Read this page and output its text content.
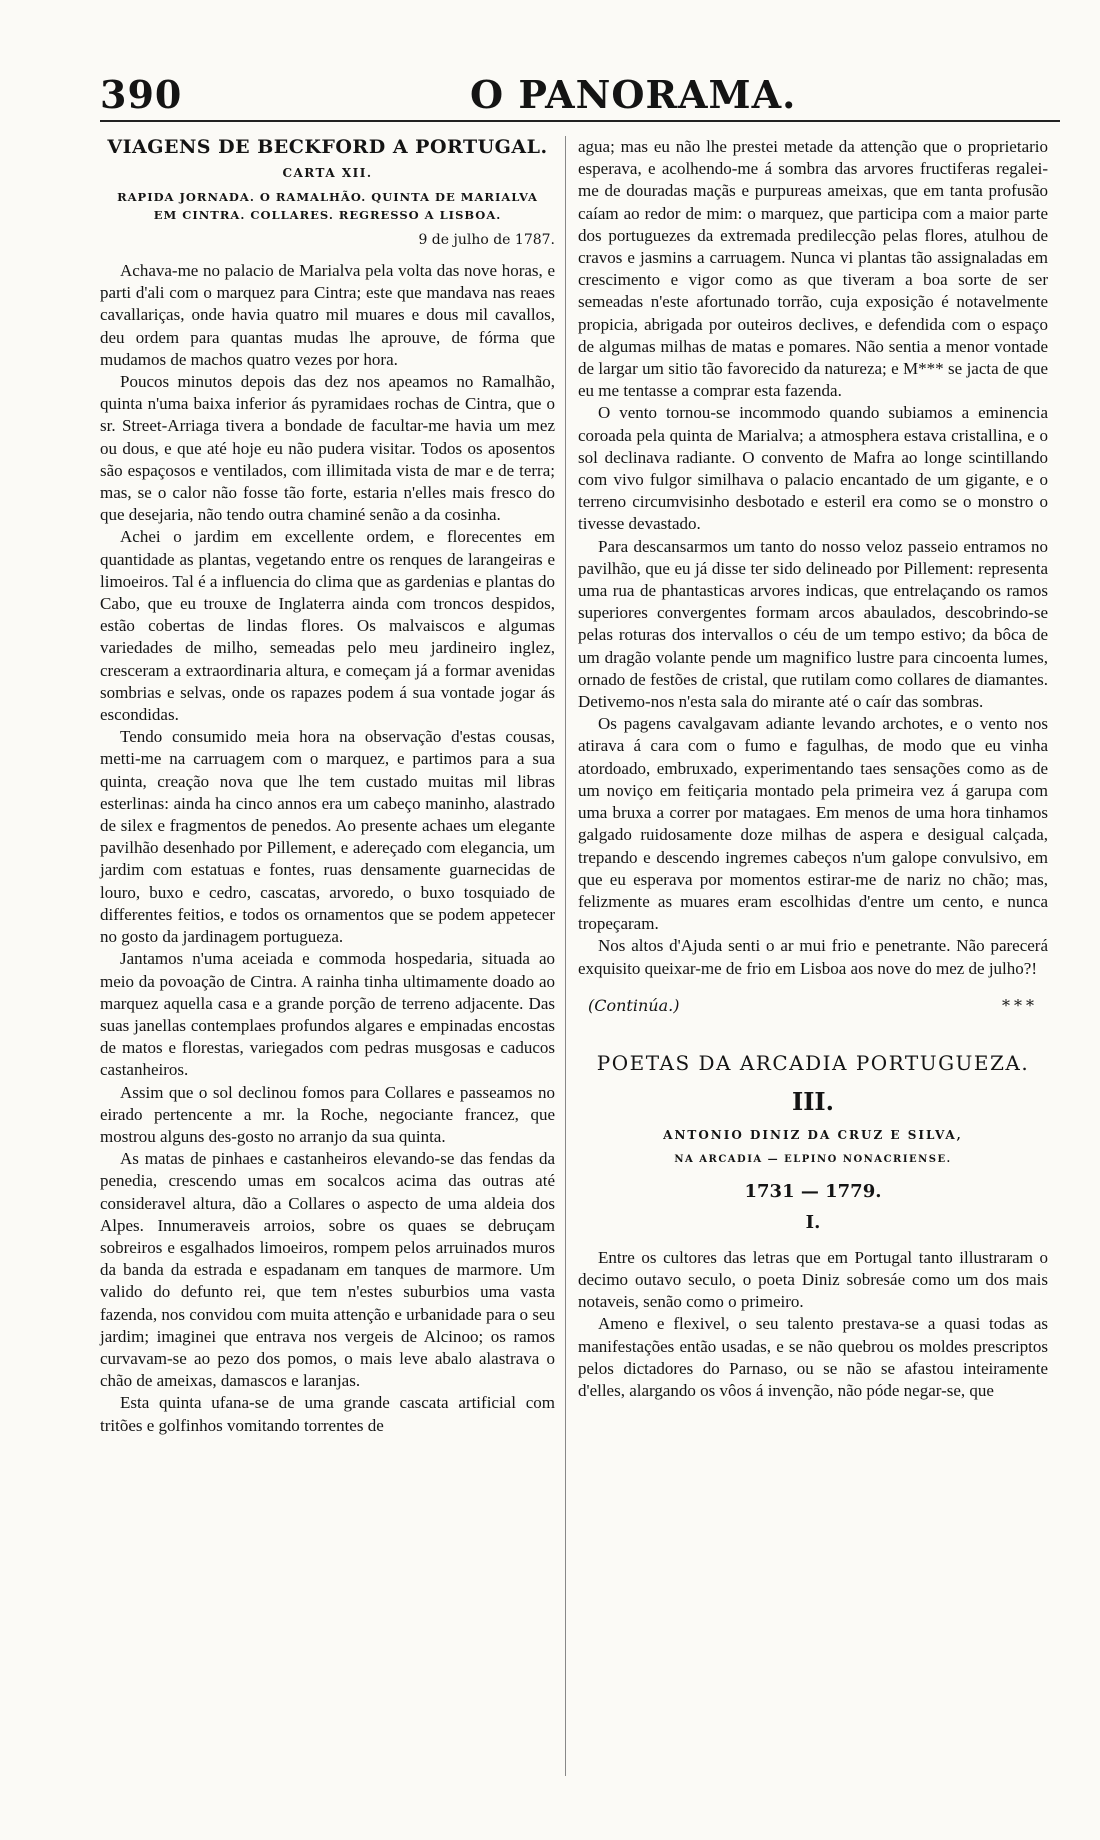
390	O PANORAMA.
VIAGENS DE BECKFORD A PORTUGAL.
CARTA XII.
RAPIDA JORNADA. O RAMALHÃO. QUINTA DE MARIALVA
EM CINTRA. COLLARES. REGRESSO A LISBOA.
9 de julho de 1787.

Achava-me no palacio de Marialva pela volta das nove horas, e parti d'ali com o marquez para Cintra; este que mandava nas reaes cavallariças, onde havia quatro mil muares e dous mil cavallos, deu ordem para quantas mudas lhe aprouve, de fórma que mudamos de machos quatro vezes por hora.

Poucos minutos depois das dez nos apeamos no Ramalhão, quinta n'uma baixa inferior ás pyramidaes rochas de Cintra, que o sr. Street-Arriaga tivera a bondade de facultar-me havia um mez ou dous, e que até hoje eu não pudera visitar. Todos os aposentos são espaçosos e ventilados, com illimitada vista de mar e de terra; mas, se o calor não fosse tão forte, estaria n'elles mais fresco do que desejaria, não tendo outra chaminé senão a da cosinha.

Achei o jardim em excellente ordem, e florecentes em quantidade as plantas, vegetando entre os renques de larangeiras e limoeiros. Tal é a influencia do clima que as gardenias e plantas do Cabo, que eu trouxe de Inglaterra ainda com troncos despidos, estão cobertas de lindas flores. Os malvaiscos e algumas variedades de milho, semeadas pelo meu jardineiro inglez, cresceram a extraordinaria altura, e começam já a formar avenidas sombrias e selvas, onde os rapazes podem á sua vontade jogar ás escondidas.

Tendo consumido meia hora na observação d'estas cousas, metti-me na carruagem com o marquez, e partimos para a sua quinta, creação nova que lhe tem custado muitas mil libras esterlinas: ainda ha cinco annos era um cabeço maninho, alastrado de silex e fragmentos de penedos. Ao presente achaes um elegante pavilhão desenhado por Pillement, e adereçado com elegancia, um jardim com estatuas e fontes, ruas densamente guarnecidas de louro, buxo e cedro, cascatas, arvoredo, o buxo tosquiado de differentes feitios, e todos os ornamentos que se podem appetecer no gosto da jardinagem portugueza.

Jantamos n'uma aceiada e commoda hospedaria, situada ao meio da povoação de Cintra. A rainha tinha ultimamente doado ao marquez aquella casa e a grande porção de terreno adjacente. Das suas janellas contemplaes profundos algares e empinadas encostas de matos e florestas, variegados com pedras musgosas e caducos castanheiros.

Assim que o sol declinou fomos para Collares e passeamos no eirado pertencente a mr. la Roche, negociante francez, que mostrou alguns des-gosto no arranjo da sua quinta.

As matas de pinhaes e castanheiros elevando-se das fendas da penedia, crescendo umas em socalcos acima das outras até consideravel altura, dão a Collares o aspecto de uma aldeia dos Alpes. Innumeraveis arroios, sobre os quaes se debruçam sobreiros e esgalhados limoeiros, rompem pelos arruinados muros da banda da estrada e espadanam em tanques de marmore. Um valido do defunto rei, que tem n'estes suburbios uma vasta fazenda, nos convidou com muita attenção e urbanidade para o seu jardim; imaginei que entrava nos vergeis de Alcinoo; os ramos curvavam-se ao pezo dos pomos, o mais leve abalo alastrava o chão de ameixas, damascos e laranjas.

Esta quinta ufana-se de uma grande cascata artificial com tritões e golfinhos vomitando torrentes de

agua; mas eu não lhe prestei metade da attenção que o proprietario esperava, e acolhendo-me á sombra das arvores fructiferas regalei-me de douradas maçãs e purpureas ameixas, que em tanta profusão caíam ao redor de mim: o marquez, que participa com a maior parte dos portuguezes da extremada predilecção pelas flores, atulhou de cravos e jasmins a carruagem. Nunca vi plantas tão assignaladas em crescimento e vigor como as que tiveram a boa sorte de ser semeadas n'este afortunado torrão, cuja exposição é notavelmente propicia, abrigada por outeiros declives, e defendida com o espaço de algumas milhas de matas e pomares. Não sentia a menor vontade de largar um sitio tão favorecido da natureza; e M*** se jacta de que eu me tentasse a comprar esta fazenda.

O vento tornou-se incommodo quando subiamos a eminencia coroada pela quinta de Marialva; a atmosphera estava cristallina, e o sol declinava radiante. O convento de Mafra ao longe scintillando com vivo fulgor similhava o palacio encantado de um gigante, e o terreno circumvisinho desbotado e esteril era como se o monstro o tivesse devastado.

Para descansarmos um tanto do nosso veloz passeio entramos no pavilhão, que eu já disse ter sido delineado por Pillement: representa uma rua de phantasticas arvores indicas, que entrelaçando os ramos superiores convergentes formam arcos abaulados, descobrindo-se pelas roturas dos intervallos o céu de um tempo estivo; da bôca de um dragão volante pende um magnifico lustre para cincoenta lumes, ornado de festões de cristal, que rutilam como collares de diamantes. Detivemo-nos n'esta sala do mirante até o caír das sombras.

Os pagens cavalgavam adiante levando archotes, e o vento nos atirava á cara com o fumo e fagulhas, de modo que eu vinha atordoado, embruxado, experimentando taes sensações como as de um noviço em feitiçaria montado pela primeira vez á garupa com uma bruxa a correr por matagaes. Em menos de uma hora tinhamos galgado ruidosamente doze milhas de aspera e desigual calçada, trepando e descendo ingremes cabeços n'um galope convulsivo, em que eu esperava por momentos estirar-me de nariz no chão; mas, felizmente as muares eram escolhidas d'entre um cento, e nunca tropeçaram.

Nos altos d'Ajuda senti o ar mui frio e penetrante. Não parecerá exquisito queixar-me de frio em Lisboa aos nove do mez de julho?!

(Continúa.)	***
POETAS DA ARCADIA PORTUGUEZA.
III.
ANTONIO DINIZ DA CRUZ E SILVA,
NA ARCADIA — ELPINO NONACRIENSE.
1731 — 1779.
I.

Entre os cultores das letras que em Portugal tanto illustraram o decimo outavo seculo, o poeta Diniz sobresáe como um dos mais notaveis, senão como o primeiro.

Ameno e flexivel, o seu talento prestava-se a quasi todas as manifestações então usadas, e se não quebrou os moldes prescriptos pelos dictadores do Parnaso, ou se não se afastou inteiramente d'elles, alargando os vôos á invenção, não póde negar-se, que
